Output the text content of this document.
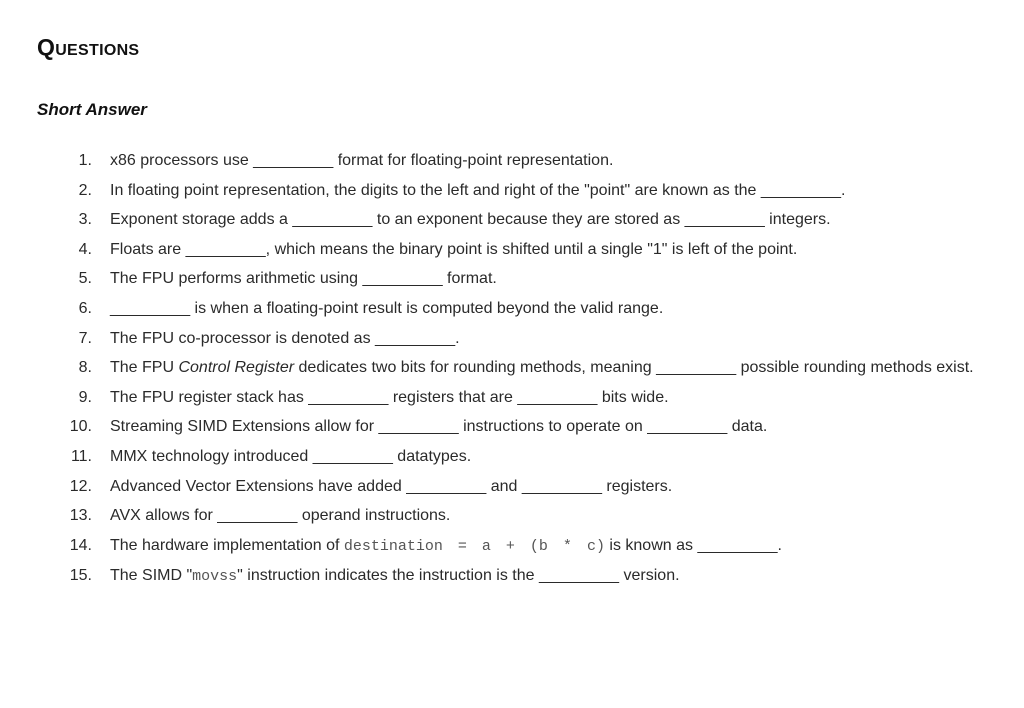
QUESTIONS
Short Answer
1. x86 processors use _________ format for floating-point representation.
2. In floating point representation, the digits to the left and right of the "point" are known as the _________.
3. Exponent storage adds a _________ to an exponent because they are stored as _________ integers.
4. Floats are _________, which means the binary point is shifted until a single "1" is left of the point.
5. The FPU performs arithmetic using _________ format.
6. _________ is when a floating-point result is computed beyond the valid range.
7. The FPU co-processor is denoted as _________.
8. The FPU Control Register dedicates two bits for rounding methods, meaning _________ possible rounding methods exist.
9. The FPU register stack has _________ registers that are _________ bits wide.
10. Streaming SIMD Extensions allow for _________ instructions to operate on _________ data.
11. MMX technology introduced _________ datatypes.
12. Advanced Vector Extensions have added _________ and _________ registers.
13. AVX allows for _________ operand instructions.
14. The hardware implementation of destination = a + (b * c) is known as _________.
15. The SIMD "movss" instruction indicates the instruction is the _________ version.
